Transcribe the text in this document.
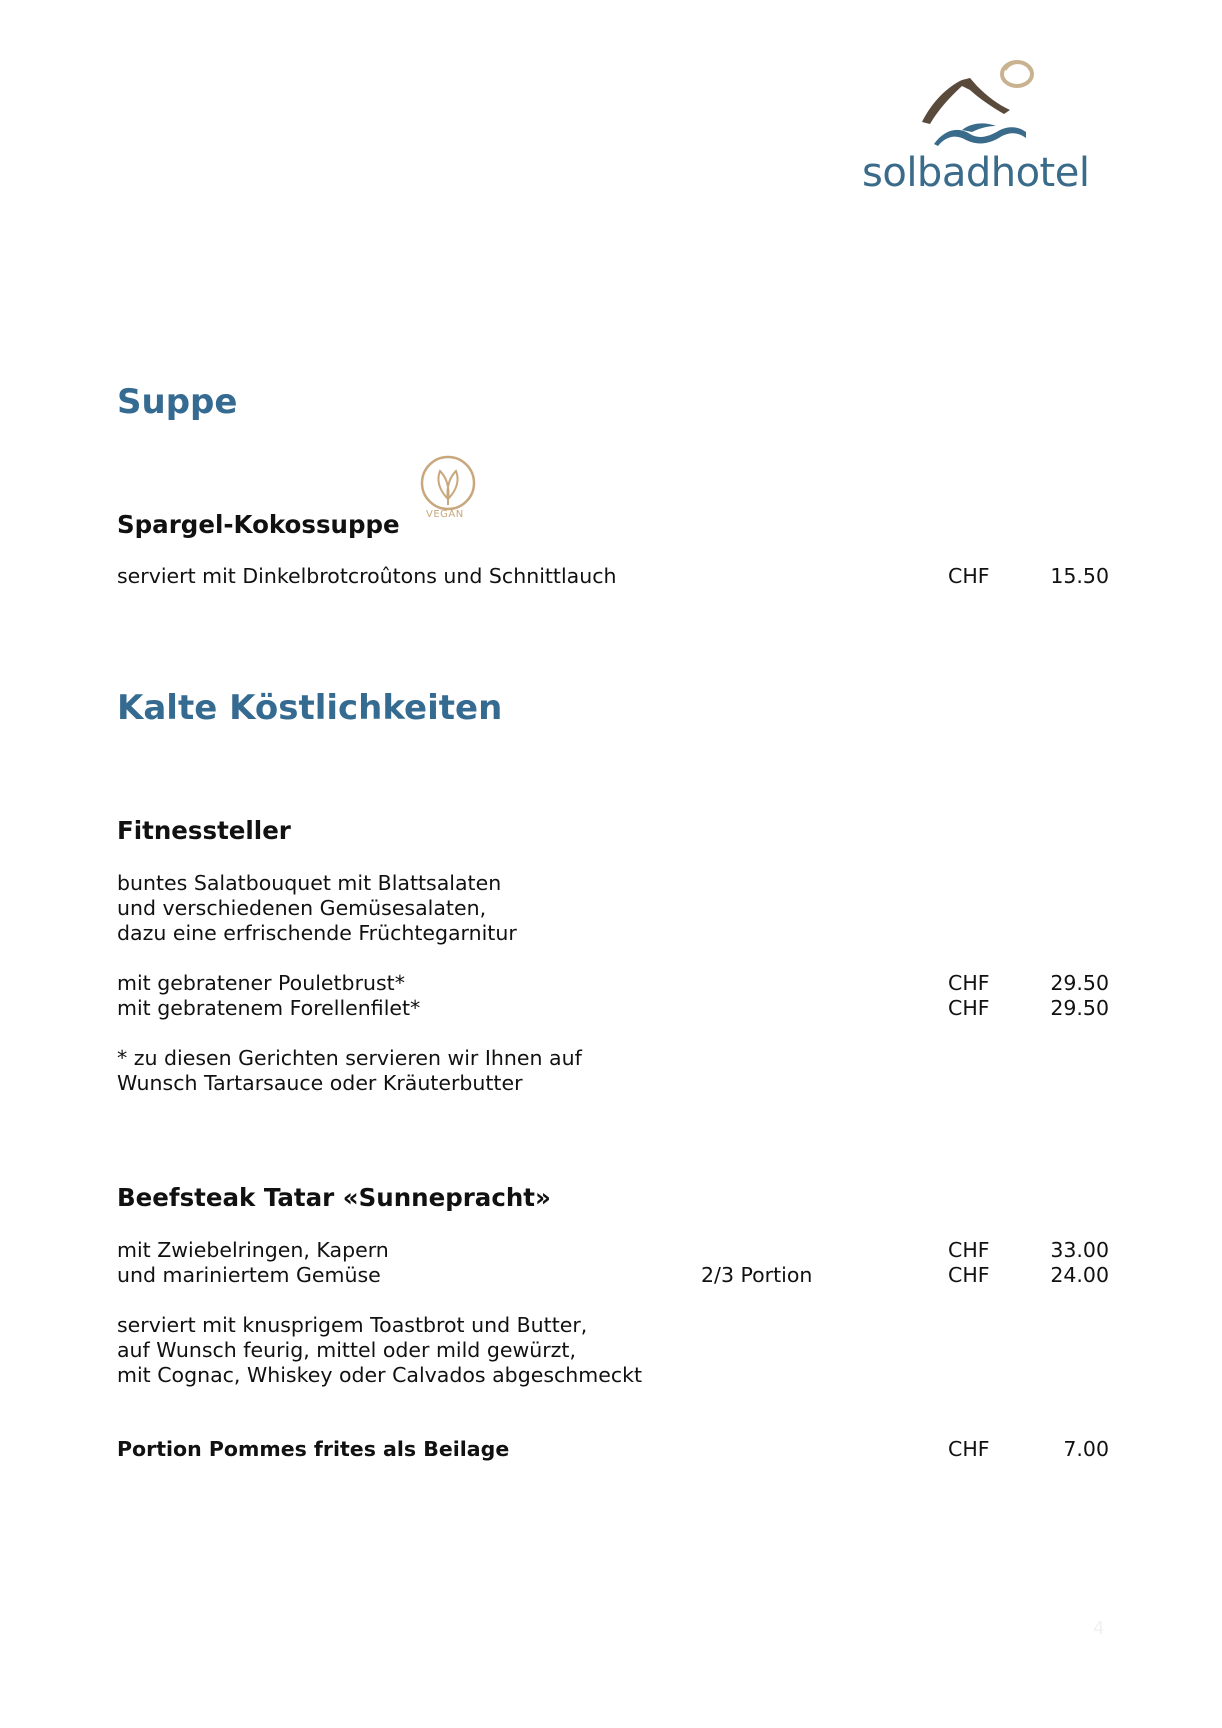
solbadhotel
Suppe
Spargel-Kokossuppe	VEGAN
serviert mit Dinkelbrotcroûtons und Schnittlauch	CHF	15.50
Kalte Köstlichkeiten
Fitnessteller
buntes Salatbouquet mit Blattsalaten
und verschiedenen Gemüsesalaten,
dazu eine erfrischende Früchtegarnitur
mit gebratener Pouletbrust*	CHF	29.50
mit gebratenem Forellenfilet*	CHF	29.50
* zu diesen Gerichten servieren wir Ihnen auf
Wunsch Tartarsauce oder Kräuterbutter
Beefsteak Tatar «Sunnepracht»
mit Zwiebelringen, Kapern	CHF	33.00
und mariniertem Gemüse	2/3 Portion	CHF	24.00
serviert mit knusprigem Toastbrot und Butter,
auf Wunsch feurig, mittel oder mild gewürzt,
mit Cognac, Whiskey oder Calvados abgeschmeckt
Portion Pommes frites als Beilage	CHF	7.00
4
